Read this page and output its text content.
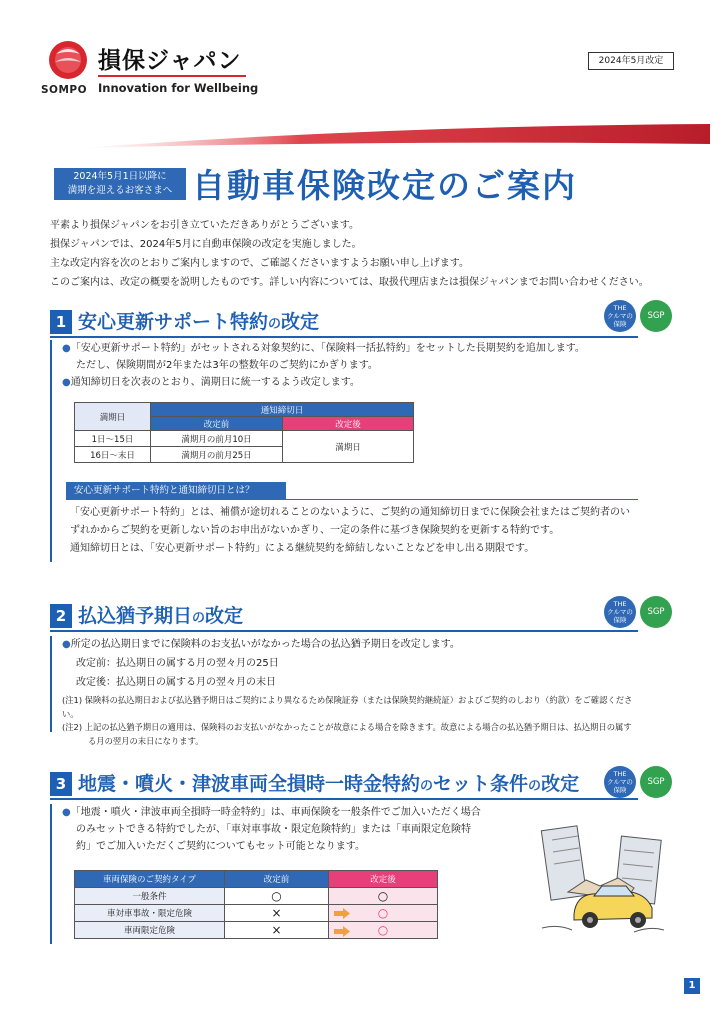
損保ジャパン
Innovation for Wellbeing
SOMPO
2024年5月改定
2024年5月1日以降に
満期を迎えるお客さまへ 自動車保険改定のご案内
平素より損保ジャパンをお引き立ていただきありがとうございます。
損保ジャパンでは、2024年5月に自動車保険の改定を実施しました。
主な改定内容を次のとおりご案内しますので、ご確認くださいますようお願い申し上げます。
このご案内は、改定の概要を説明したものです。詳しい内容については、取扱代理店または損保ジャパンまでお問い合わせください。
1 安心更新サポート特約の改定
THE
クルマの
保険
SGP
●「安心更新サポート特約」がセットされる対象契約に、「保険料一括払特約」をセットした長期契約を追加します。
ただし、保険期間が2年または3年の整数年のご契約にかぎります。
●通知締切日を次表のとおり、満期日に統一するよう改定します。
満期日	通知締切日	
	改定前	改定後
1日～15日	満期月の前月10日	満期日
16日～末日	満期月の前月25日	
安心更新サポート特約と通知締切日とは？
「安心更新サポート特約」とは、補償が途切れることのないように、ご契約の通知締切日までに保険会社またはご契約者のい
ずれかからご契約を更新しない旨のお申出がないかぎり、一定の条件に基づき保険契約を更新する特約です。
通知締切日とは、「安心更新サポート特約」による継続契約を締結しないことなどを申し出る期限です。
2 払込猶予期日の改定
THE
クルマの
保険
SGP
●所定の払込期日までに保険料のお支払いがなかった場合の払込猶予期日を改定します。
改定前：払込期日の属する月の翌々月の25日
改定後：払込期日の属する月の翌々月の末日
(注1) 保険料の払込期日および払込猶予期日はご契約により異なるため保険証券（または保険契約継続証）およびご契約のしおり（約款）をご確認ください。
(注2) 上記の払込猶予期日の適用は、保険料のお支払いがなかったことが故意による場合を除きます。故意による場合の払込猶予期日は、払込期日の属す
る月の翌月の末日になります。
3 地震・噴火・津波車両全損時一時金特約のセット条件の改定	THE
クルマの
保険
SGP
●「地震・噴火・津波車両全損時一時金特約」は、車両保険を一般条件でご加入いただく場合
のみセットできる特約でしたが、「車対車事故・限定危険特約」または「車両限定危険特
約」でご加入いただくご契約についてもセット可能となります。
車両保険のご契約タイプ	改定前	改定後
一般条件	○	○
車対車事故・限定危険	×	○
車両限定危険	×	○
1
